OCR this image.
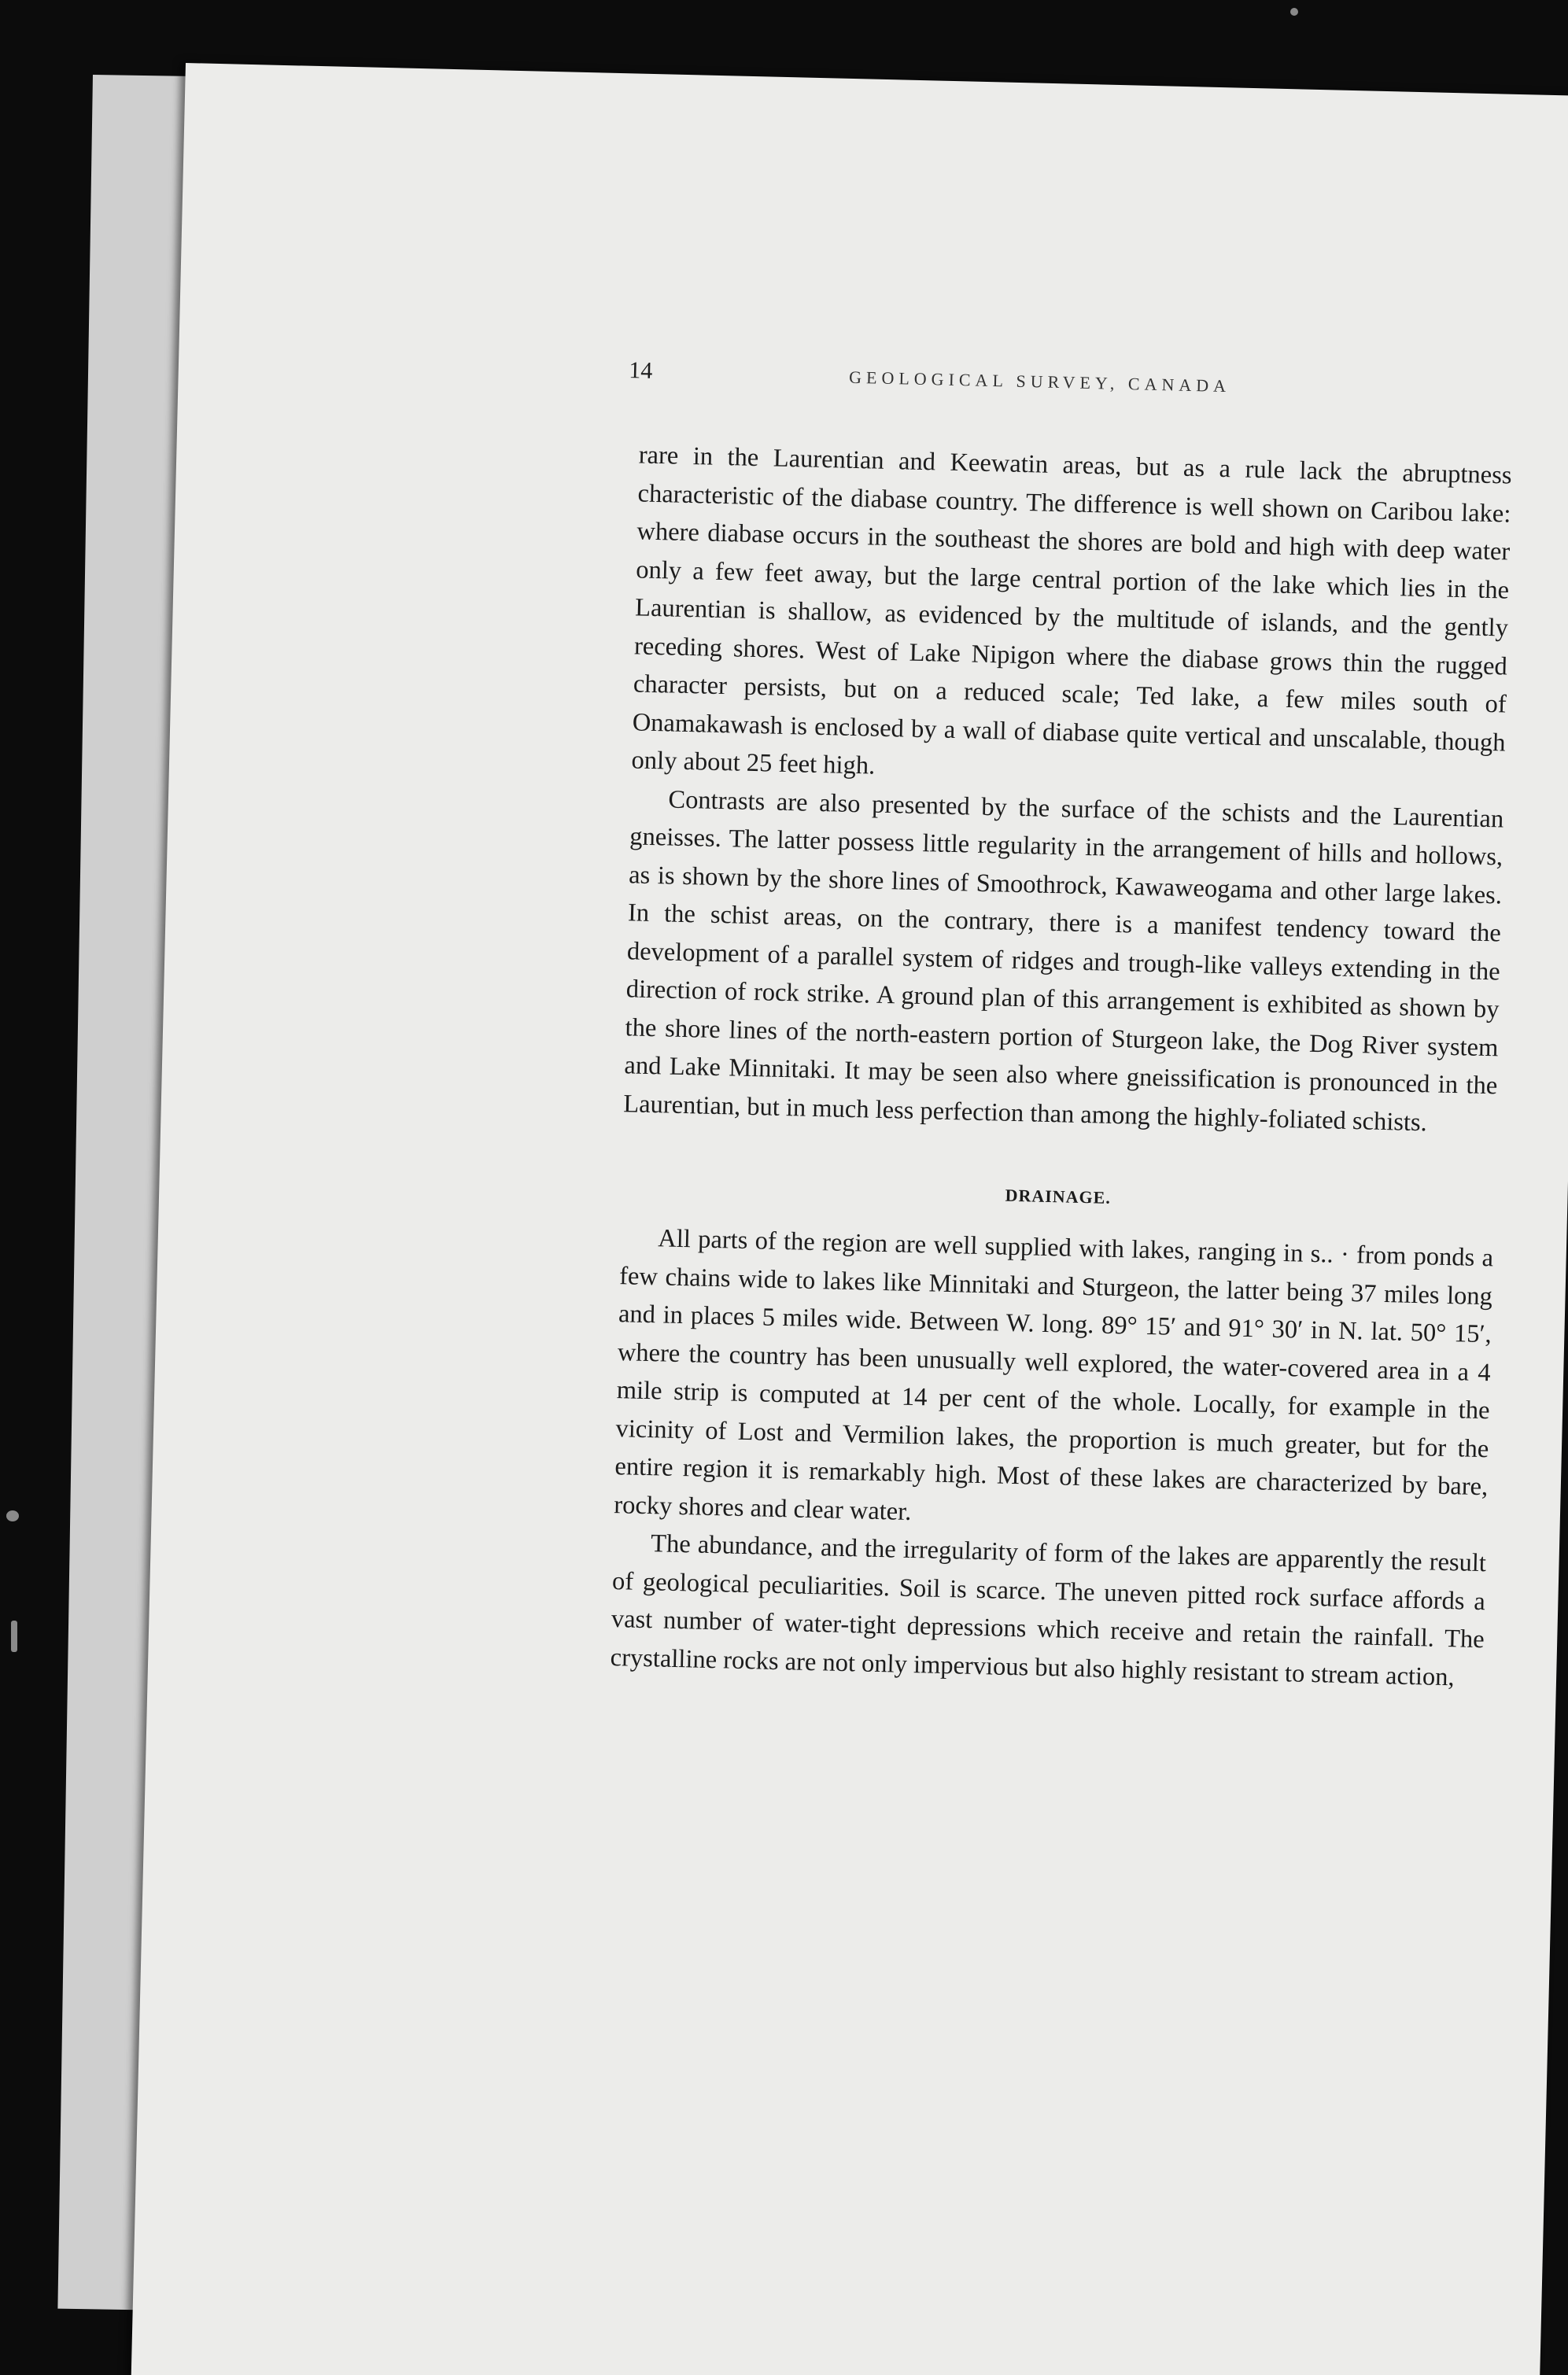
14	GEOLOGICAL SURVEY, CANADA

rare in the Laurentian and Keewatin areas, but as a rule lack the abruptness characteristic of the diabase country. The difference is well shown on Caribou lake: where diabase occurs in the southeast the shores are bold and high with deep water only a few feet away, but the large central portion of the lake which lies in the Laurentian is shallow, as evidenced by the multitude of islands, and the gently receding shores. West of Lake Nipigon where the diabase grows thin the rugged character persists, but on a reduced scale; Ted lake, a few miles south of Onamakawash is enclosed by a wall of diabase quite vertical and unscalable, though only about 25 feet high.

Contrasts are also presented by the surface of the schists and the Laurentian gneisses. The latter possess little regularity in the arrangement of hills and hollows, as is shown by the shore lines of Smoothrock, Kawaweogama and other large lakes. In the schist areas, on the contrary, there is a manifest tendency toward the development of a parallel system of ridges and trough-like valleys extending in the direction of rock strike. A ground plan of this arrangement is exhibited as shown by the shore lines of the north-eastern portion of Sturgeon lake, the Dog River system and Lake Minnitaki. It may be seen also where gneissification is pronounced in the Laurentian, but in much less perfection than among the highly-foliated schists.

DRAINAGE.

All parts of the region are well supplied with lakes, ranging in s.. · from ponds a few chains wide to lakes like Minnitaki and Sturgeon, the latter being 37 miles long and in places 5 miles wide. Between W. long. 89° 15′ and 91° 30′ in N. lat. 50° 15′, where the country has been unusually well explored, the water-covered area in a 4 mile strip is computed at 14 per cent of the whole. Locally, for example in the vicinity of Lost and Vermilion lakes, the proportion is much greater, but for the entire region it is remarkably high. Most of these lakes are characterized by bare, rocky shores and clear water.

The abundance, and the irregularity of form of the lakes are apparently the result of geological peculiarities. Soil is scarce. The uneven pitted rock surface affords a vast number of water-tight depressions which receive and retain the rainfall. The crystalline rocks are not only impervious but also highly resistant to stream action,
